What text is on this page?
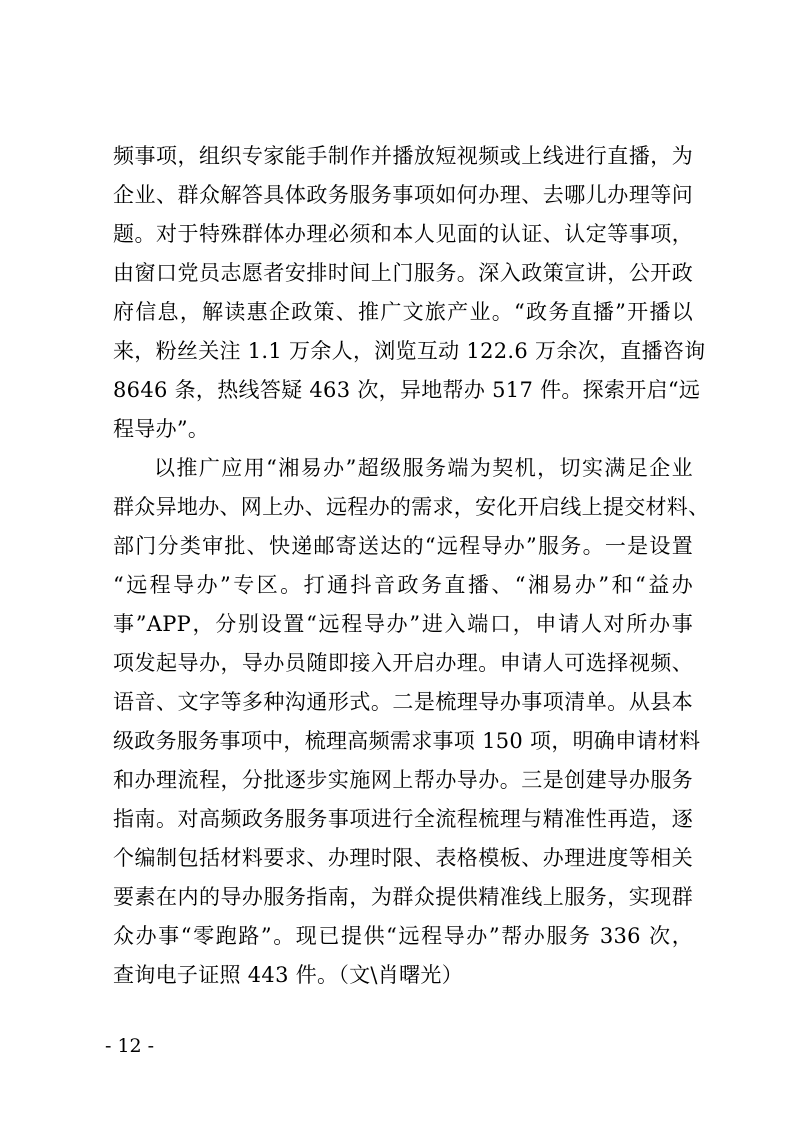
频事项，组织专家能手制作并播放短视频或上线进行直播，为
企业、群众解答具体政务服务事项如何办理、去哪儿办理等问
题。对于特殊群体办理必须和本人见面的认证、认定等事项，
由窗口党员志愿者安排时间上门服务。深入政策宣讲，公开政
府信息，解读惠企政策、推广文旅产业。“政务直播”开播以
来，粉丝关注 1.1 万余人，浏览互动 122.6 万余次，直播咨询
8646 条，热线答疑 463 次，异地帮办 517 件。探索开启“远
程导办”。
以推广应用“湘易办”超级服务端为契机，切实满足企业
群众异地办、网上办、远程办的需求，安化开启线上提交材料、
部门分类审批、快递邮寄送达的“远程导办”服务。一是设置
“远程导办”专区。打通抖音政务直播、“湘易办”和“益办
事”APP，分别设置“远程导办”进入端口，申请人对所办事
项发起导办，导办员随即接入开启办理。申请人可选择视频、
语音、文字等多种沟通形式。二是梳理导办事项清单。从县本
级政务服务事项中，梳理高频需求事项 150 项，明确申请材料
和办理流程，分批逐步实施网上帮办导办。三是创建导办服务
指南。对高频政务服务事项进行全流程梳理与精准性再造，逐
个编制包括材料要求、办理时限、表格模板、办理进度等相关
要素在内的导办服务指南，为群众提供精准线上服务，实现群
众办事“零跑路”。现已提供“远程导办”帮办服务 336 次，
查询电子证照 443 件。（文\肖曙光）
- 12 -
